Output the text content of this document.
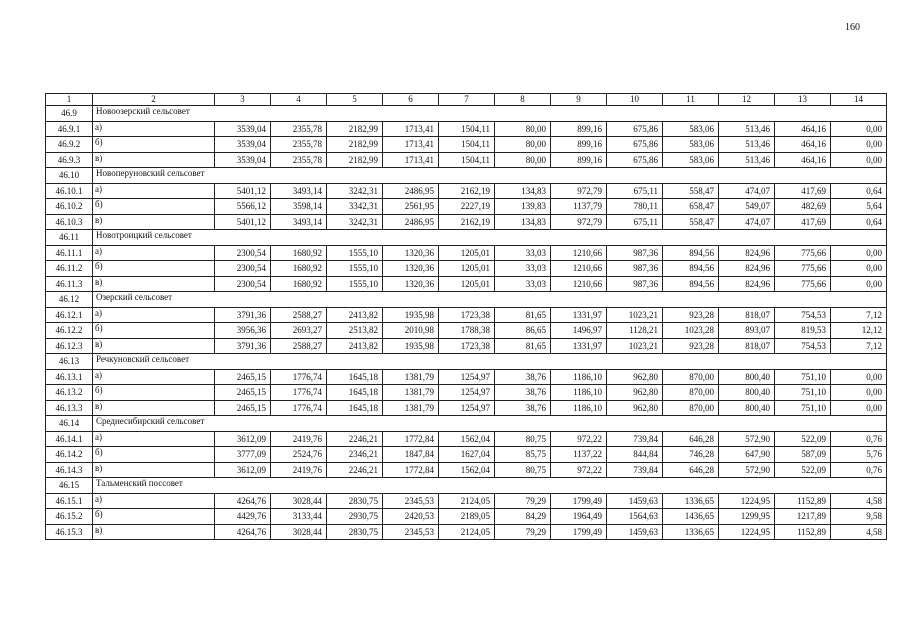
160
1	2	3	4	5	6	7	8	9	10	11	12	13	14
46.9	Новоозерский сельсовет												
46.9.1	а)	3539,04	2355,78	2182,99	1713,41	1504,11	80,00	899,16	675,86	583,06	513,46	464,16	0,00
46.9.2	б)	3539,04	2355,78	2182,99	1713,41	1504,11	80,00	899,16	675,86	583,06	513,46	464,16	0,00
46.9.3	в)	3539,04	2355,78	2182,99	1713,41	1504,11	80,00	899,16	675,86	583,06	513,46	464,16	0,00
46.10	Новоперуновский сельсовет												
46.10.1	а)	5401,12	3493,14	3242,31	2486,95	2162,19	134,83	972,79	675,11	558,47	474,07	417,69	0,64
46.10.2	б)	5566,12	3598,14	3342,31	2561,95	2227,19	139,83	1137,79	780,11	658,47	549,07	482,69	5,64
46.10.3	в)	5401,12	3493,14	3242,31	2486,95	2162,19	134,83	972,79	675,11	558,47	474,07	417,69	0,64
46.11	Новотроицкий сельсовет												
46.11.1	а)	2300,54	1680,92	1555,10	1320,36	1205,01	33,03	1210,66	987,36	894,56	824,96	775,66	0,00
46.11.2	б)	2300,54	1680,92	1555,10	1320,36	1205,01	33,03	1210,66	987,36	894,56	824,96	775,66	0,00
46.11.3	в)	2300,54	1680,92	1555,10	1320,36	1205,01	33,03	1210,66	987,36	894,56	824,96	775,66	0,00
46.12	Озерский сельсовет												
46.12.1	а)	3791,36	2588,27	2413,82	1935,98	1723,38	81,65	1331,97	1023,21	923,28	818,07	754,53	7,12
46.12.2	б)	3956,36	2693,27	2513,82	2010,98	1788,38	86,65	1496,97	1128,21	1023,28	893,07	819,53	12,12
46.12.3	в)	3791,36	2588,27	2413,82	1935,98	1723,38	81,65	1331,97	1023,21	923,28	818,07	754,53	7,12
46.13	Речкуновский сельсовет												
46.13.1	а)	2465,15	1776,74	1645,18	1381,79	1254,97	38,76	1186,10	962,80	870,00	800,40	751,10	0,00
46.13.2	б)	2465,15	1776,74	1645,18	1381,79	1254,97	38,76	1186,10	962,80	870,00	800,40	751,10	0,00
46.13.3	в)	2465,15	1776,74	1645,18	1381,79	1254,97	38,76	1186,10	962,80	870,00	800,40	751,10	0,00
46.14	Среднесибирский сельсовет												
46.14.1	а)	3612,09	2419,76	2246,21	1772,84	1562,04	80,75	972,22	739,84	646,28	572,90	522,09	0,76
46.14.2	б)	3777,09	2524,76	2346,21	1847,84	1627,04	85,75	1137,22	844,84	746,28	647,90	587,09	5,76
46.14.3	в)	3612,09	2419,76	2246,21	1772,84	1562,04	80,75	972,22	739,84	646,28	572,90	522,09	0,76
46.15	Тальменский поссовет												
46.15.1	а)	4264,76	3028,44	2830,75	2345,53	2124,05	79,29	1799,49	1459,63	1336,65	1224,95	1152,89	4,58
46.15.2	б)	4429,76	3133,44	2930,75	2420,53	2189,05	84,29	1964,49	1564,63	1436,65	1299,95	1217,89	9,58
46.15.3	в)	4264,76	3028,44	2830,75	2345,53	2124,05	79,29	1799,49	1459,63	1336,65	1224,95	1152,89	4,58
